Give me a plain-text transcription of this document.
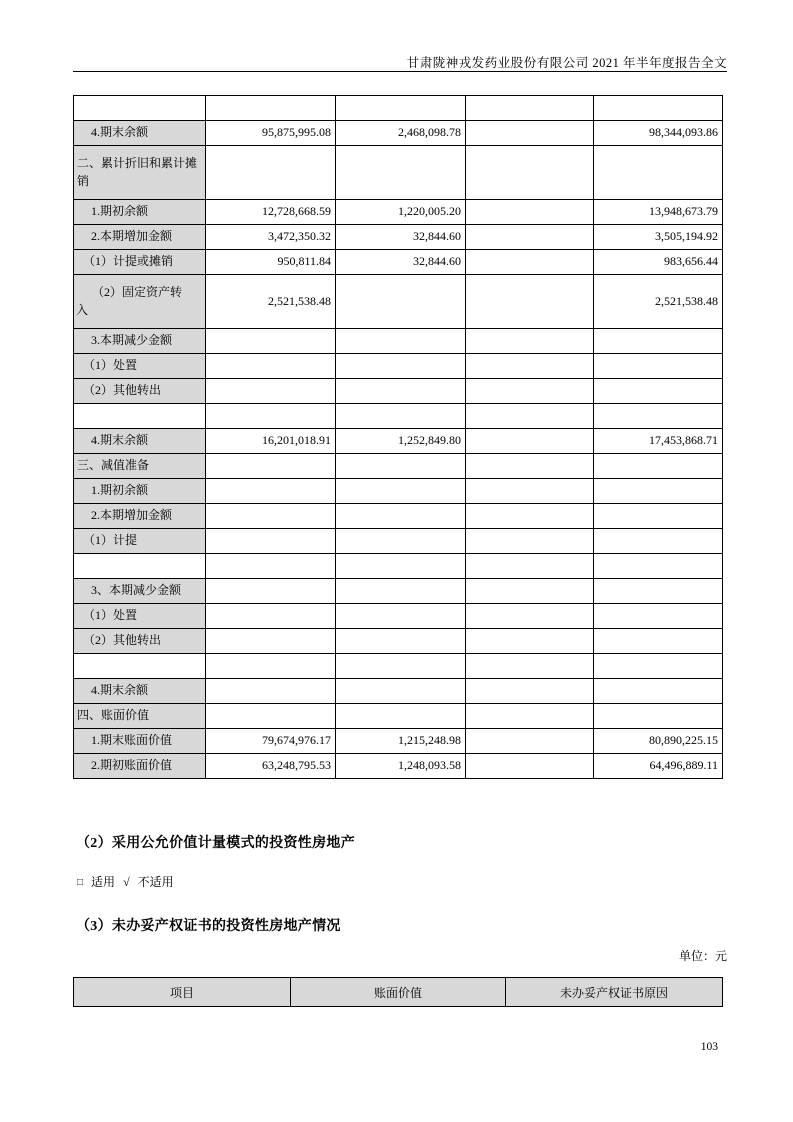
甘肃陇神戎发药业股份有限公司 2021 年半年度报告全文

4.期末余额	95,875,995.08	2,468,098.78		98,344,093.86
二、累计折旧和累计摊销				
1.期初余额	12,728,668.59	1,220,005.20		13,948,673.79
2.本期增加金额	3,472,350.32	32,844.60		3,505,194.92
（1）计提或摊销	950,811.84	32,844.60		983,656.44

（2）固定资产转入	2,521,538.48			2,521,538.48
3.本期减少金额				
（1）处置				
（2）其他转出				

4.期末余额	16,201,018.91	1,252,849.80		17,453,868.71
三、减值准备				
1.期初余额				
2.本期增加金额				
（1）计提				

3、本期减少金额				
（1）处置				
（2）其他转出				

4.期末余额				
四、账面价值				
1.期末账面价值	79,674,976.17	1,215,248.98		80,890,225.15
2.期初账面价值	63,248,795.53	1,248,093.58		64,496,889.11
（2）采用公允价值计量模式的投资性房地产
□ 适用 √ 不适用
（3）未办妥产权证书的投资性房地产情况
单位：元
项目	账面价值	未办妥产权证书原因
103
